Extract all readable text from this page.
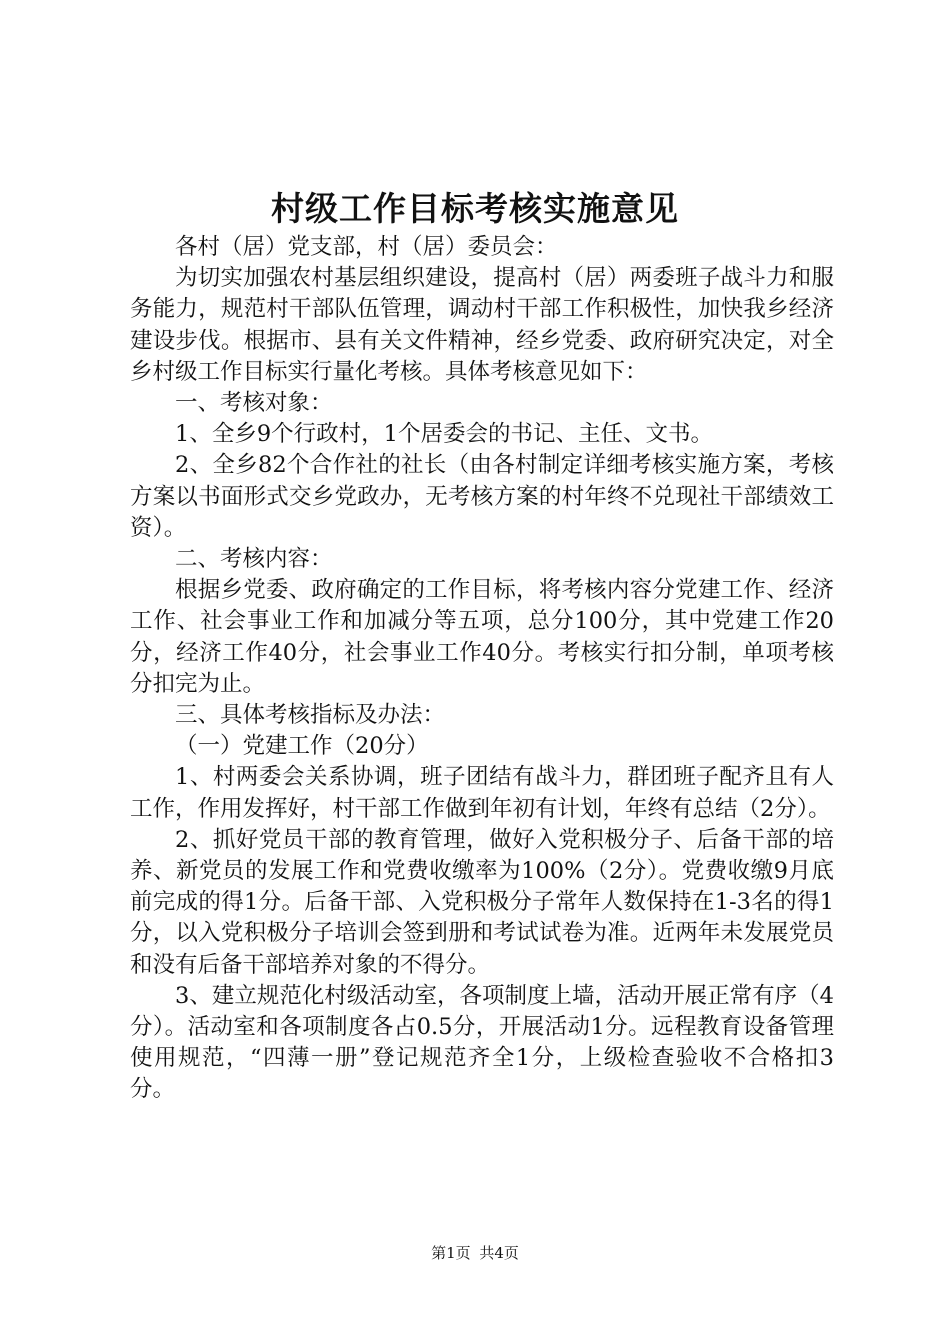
村级工作目标考核实施意见

各村（居）党支部，村（居）委员会：

为切实加强农村基层组织建设，提高村（居）两委班子战斗力和服务能力，规范村干部队伍管理，调动村干部工作积极性，加快我乡经济建设步伐。根据市、县有关文件精神，经乡党委、政府研究决定，对全乡村级工作目标实行量化考核。具体考核意见如下：

一、考核对象：

1、全乡9个行政村，1个居委会的书记、主任、文书。

2、全乡82个合作社的社长（由各村制定详细考核实施方案，考核方案以书面形式交乡党政办，无考核方案的村年终不兑现社干部绩效工资）。

二、考核内容：

根据乡党委、政府确定的工作目标，将考核内容分党建工作、经济工作、社会事业工作和加减分等五项，总分100分，其中党建工作20分，经济工作40分，社会事业工作40分。考核实行扣分制，单项考核分扣完为止。

三、具体考核指标及办法：

（一）党建工作（20分）

1、村两委会关系协调，班子团结有战斗力，群团班子配齐且有人工作，作用发挥好，村干部工作做到年初有计划，年终有总结（2分）。

2、抓好党员干部的教育管理，做好入党积极分子、后备干部的培养、新党员的发展工作和党费收缴率为100%（2分）。党费收缴9月底前完成的得1分。后备干部、入党积极分子常年人数保持在1-3名的得1分，以入党积极分子培训会签到册和考试试卷为准。近两年未发展党员和没有后备干部培养对象的不得分。

3、建立规范化村级活动室，各项制度上墙，活动开展正常有序（4分）。活动室和各项制度各占0.5分，开展活动1分。远程教育设备管理使用规范，“四薄一册”登记规范齐全1分，上级检查验收不合格扣3分。

第1页 共4页
